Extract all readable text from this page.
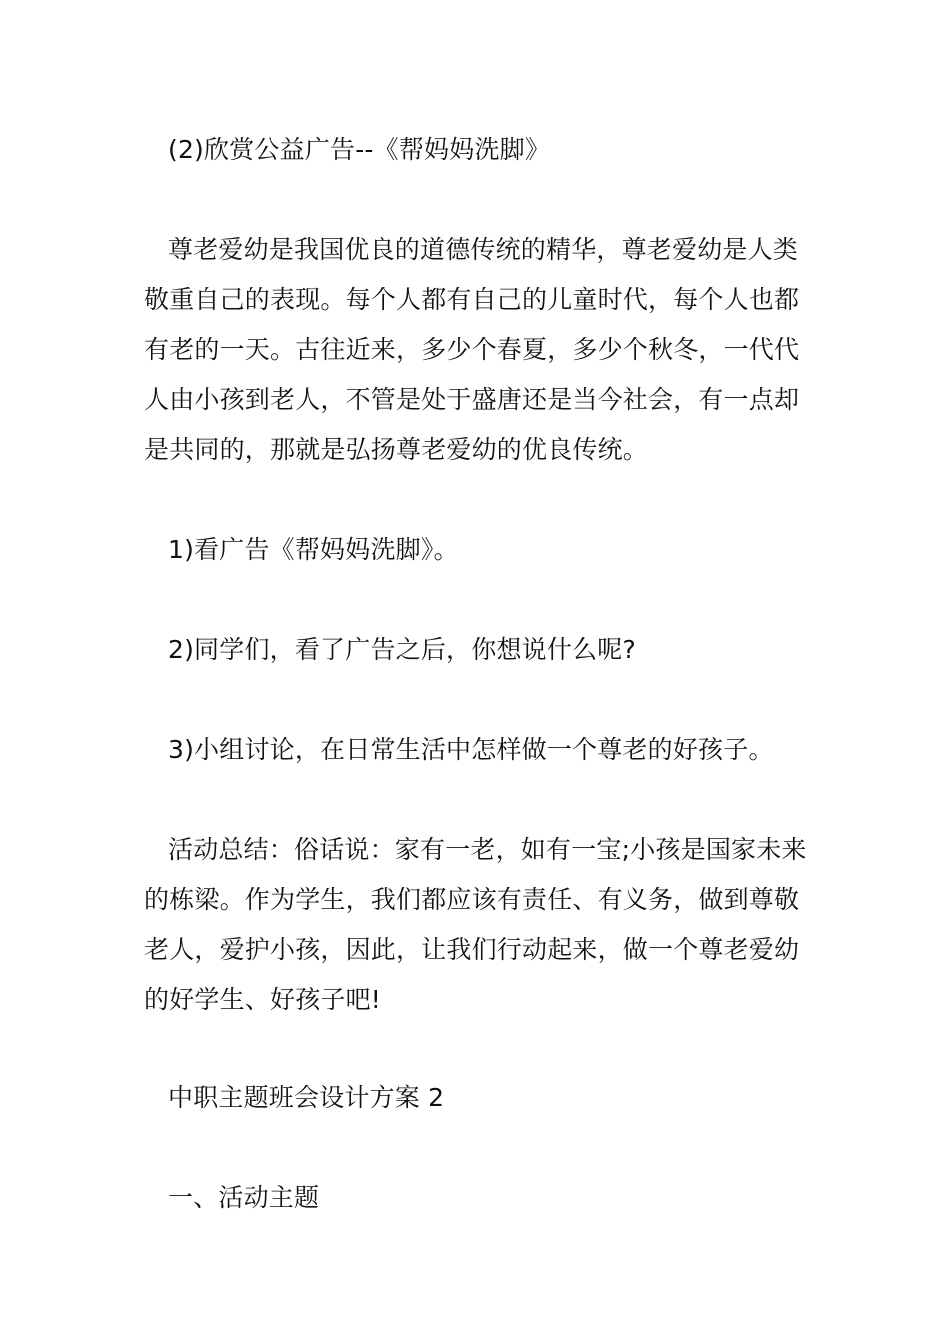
(2)欣赏公益广告--《帮妈妈洗脚》

尊老爱幼是我国优良的道德传统的精华，尊老爱幼是人类敬重自己的表现。每个人都有自己的儿童时代，每个人也都有老的一天。古往近来，多少个春夏，多少个秋冬，一代代人由小孩到老人，不管是处于盛唐还是当今社会，有一点却是共同的，那就是弘扬尊老爱幼的优良传统。

1)看广告《帮妈妈洗脚》。

2)同学们，看了广告之后，你想说什么呢?

3)小组讨论，在日常生活中怎样做一个尊老的好孩子。

活动总结：俗话说：家有一老，如有一宝;小孩是国家未来的栋梁。作为学生，我们都应该有责任、有义务，做到尊敬老人，爱护小孩，因此，让我们行动起来，做一个尊老爱幼的好学生、好孩子吧!

中职主题班会设计方案 2

一、活动主题
